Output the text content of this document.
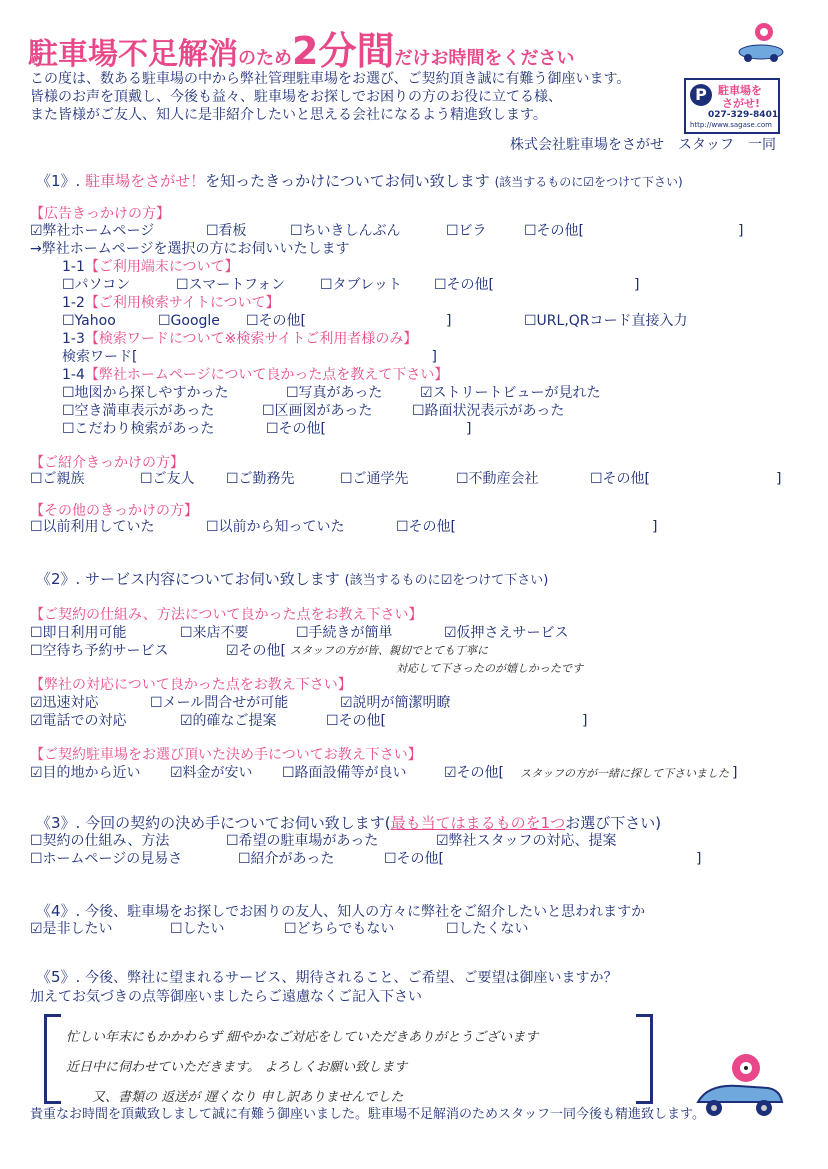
駐車場不足解消のため2分間だけお時間をください
この度は、数ある駐車場の中から弊社管理駐車場をお選び、ご契約頂き誠に有難う御座います。
皆様のお声を頂戴し、今後も益々、駐車場をお探しでお困りの方のお役に立てる様、
また皆様がご友人、知人に是非紹介したいと思える会社になるよう精進致します。
P	駐車場を
さがせ!
027-329-8401
http://www.sagase.com
株式会社駐車場をさがせ　スタッフ　一同
《1》. 駐車場をさがせ！を知ったきっかけについてお伺い致します (該当するものに☑をつけて下さい)
【広告きっかけの方】
☑弊社ホームページ	☐看板	☐ちいきしんぶん	☐ビラ	☐その他[　　　　　　　　　　　]
→弊社ホームページを選択の方にお伺いいたします
1-1【ご利用端末について】
☐パソコン	☐スマートフォン ☐タブレット ☐その他[　　　　　　　　　　]
1-2【ご利用検索サイトについて】
☐Yahoo	☐Google ☐その他[　　　　　　　　　　]	☐URL,QRコード直接入力
1-3【検索ワードについて※検索サイトご利用者様のみ】
検索ワード[　　　　　　　　　　　　　　　　　　　　　]
1-4【弊社ホームページについて良かった点を教えて下さい】
☐地図から探しやすかった	☐写真があった	☑ストリートビューが見れた
☐空き満車表示があった	☐区画図があった	☐路面状況表示があった
☐こだわり検索があった	☐その他[　　　　　　　　　　]
【ご紹介きっかけの方】
☐ご親族	☐ご友人 ☐ご勤務先	☐ご通学先	☐不動産会社	☐その他[　　　　　　　　　]
【その他のきっかけの方】
☐以前利用していた	☐以前から知っていた	☐その他[　　　　　　　　　　　　　　]
《2》. サービス内容についてお伺い致します (該当するものに☑をつけて下さい)
【ご契約の仕組み、方法について良かった点をお教え下さい】
☐即日利用可能	☐来店不要	☐手続きが簡単	☑仮押さえサービス
☐空待ち予約サービス	☑その他[ スタッフの方が皆、親切でとても丁寧に
対応して下さったのが嬉しかったです
【弊社の対応について良かった点をお教え下さい】
☑迅速対応	☐メール問合せが可能	☑説明が簡潔明瞭
☑電話での対応	☑的確なご提案	☐その他[　　　　　　　　　　　　　　]
【ご契約駐車場をお選び頂いた決め手についてお教え下さい】
☑目的地から近い ☑料金が安い ☐路面設備等が良い	☑その他[ スタッフの方が一緒に探して下さいました ]
《3》. 今回の契約の決め手についてお伺い致します(最も当てはまるものを1つお選び下さい)
☐契約の仕組み、方法	☐希望の駐車場があった	☑弊社スタッフの対応、提案
☐ホームページの見易さ	☐紹介があった	☐その他[　　　　　　　　　　　　　　　　　　]
《4》. 今後、駐車場をお探しでお困りの友人、知人の方々に弊社をご紹介したいと思われますか
☑是非したい	☐したい	☐どちらでもない	☐したくない
《5》. 今後、弊社に望まれるサービス、期待されること、ご希望、ご要望は御座いますか？
加えてお気づきの点等御座いましたらご遠慮なくご記入下さい
忙しい年末にもかかわらず 細やかなご対応をしていただきありがとうございます
近日中に伺わせていただきます。 よろしくお願い致します
又、書類の 返送が 遅くなり 申し訳ありませんでした
貴重なお時間を頂戴致しまして誠に有難う御座いました。駐車場不足解消のためスタッフ一同今後も精進致します。
